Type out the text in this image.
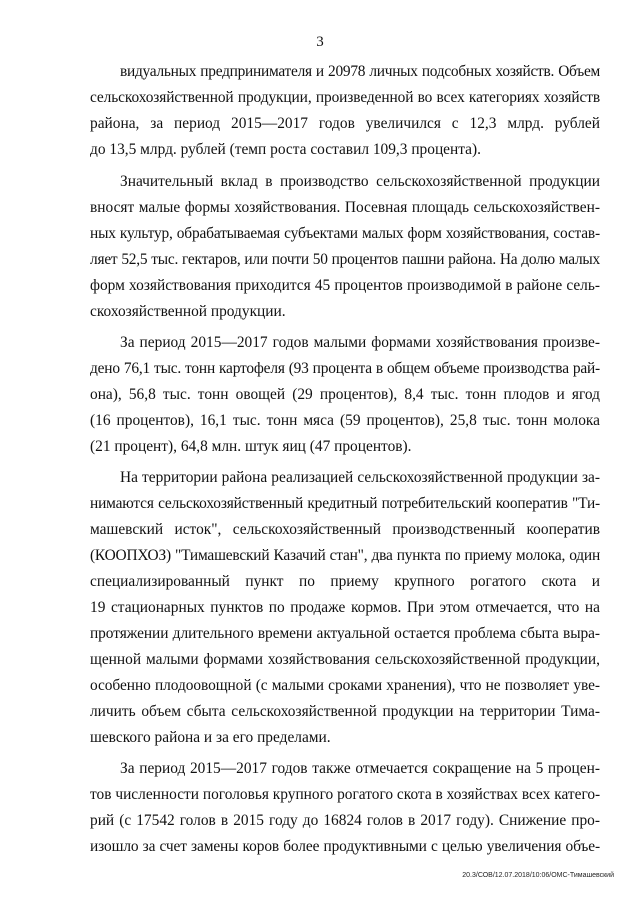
3
видуальных предпринимателя и 20978 личных подсобных хозяйств. Объем
сельскохозяйственной продукции, произведенной во всех категориях хозяйств
района, за период 2015—2017 годов увеличился с 12,3 млрд. рублей
до 13,5 млрд. рублей (темп роста составил 109,3 процента).
Значительный вклад в производство сельскохозяйственной продукции
вносят малые формы хозяйствования. Посевная площадь сельскохозяйствен-
ных культур, обрабатываемая субъектами малых форм хозяйствования, состав-
ляет 52,5 тыс. гектаров, или почти 50 процентов пашни района. На долю малых
форм хозяйствования приходится 45 процентов производимой в районе сель-
скохозяйственной продукции.
За период 2015—2017 годов малыми формами хозяйствования произве-
дено 76,1 тыс. тонн картофеля (93 процента в общем объеме производства рай-
она), 56,8 тыс. тонн овощей (29 процентов), 8,4 тыс. тонн плодов и ягод
(16 процентов), 16,1 тыс. тонн мяса (59 процентов), 25,8 тыс. тонн молока
(21 процент), 64,8 млн. штук яиц (47 процентов).
На территории района реализацией сельскохозяйственной продукции за-
нимаются сельскохозяйственный кредитный потребительский кооператив "Ти-
машевский исток", сельскохозяйственный производственный кооператив
(КООПХОЗ) "Тимашевский Казачий стан", два пункта по приему молока, один
специализированный пункт по приему крупного рогатого скота и
19 стационарных пунктов по продаже кормов. При этом отмечается, что на
протяжении длительного времени актуальной остается проблема сбыта выра-
щенной малыми формами хозяйствования сельскохозяйственной продукции,
особенно плодоовощной (с малыми сроками хранения), что не позволяет уве-
личить объем сбыта сельскохозяйственной продукции на территории Тима-
шевского района и за его пределами.
За период 2015—2017 годов также отмечается сокращение на 5 процен-
тов численности поголовья крупного рогатого скота в хозяйствах всех катего-
рий (с 17542 голов в 2015 году до 16824 голов в 2017 году). Снижение про-
изошло за счет замены коров более продуктивными с целью увеличения объе-
20.3/СОВ/12.07.2018/10:06/ОМС-Тимашевский
